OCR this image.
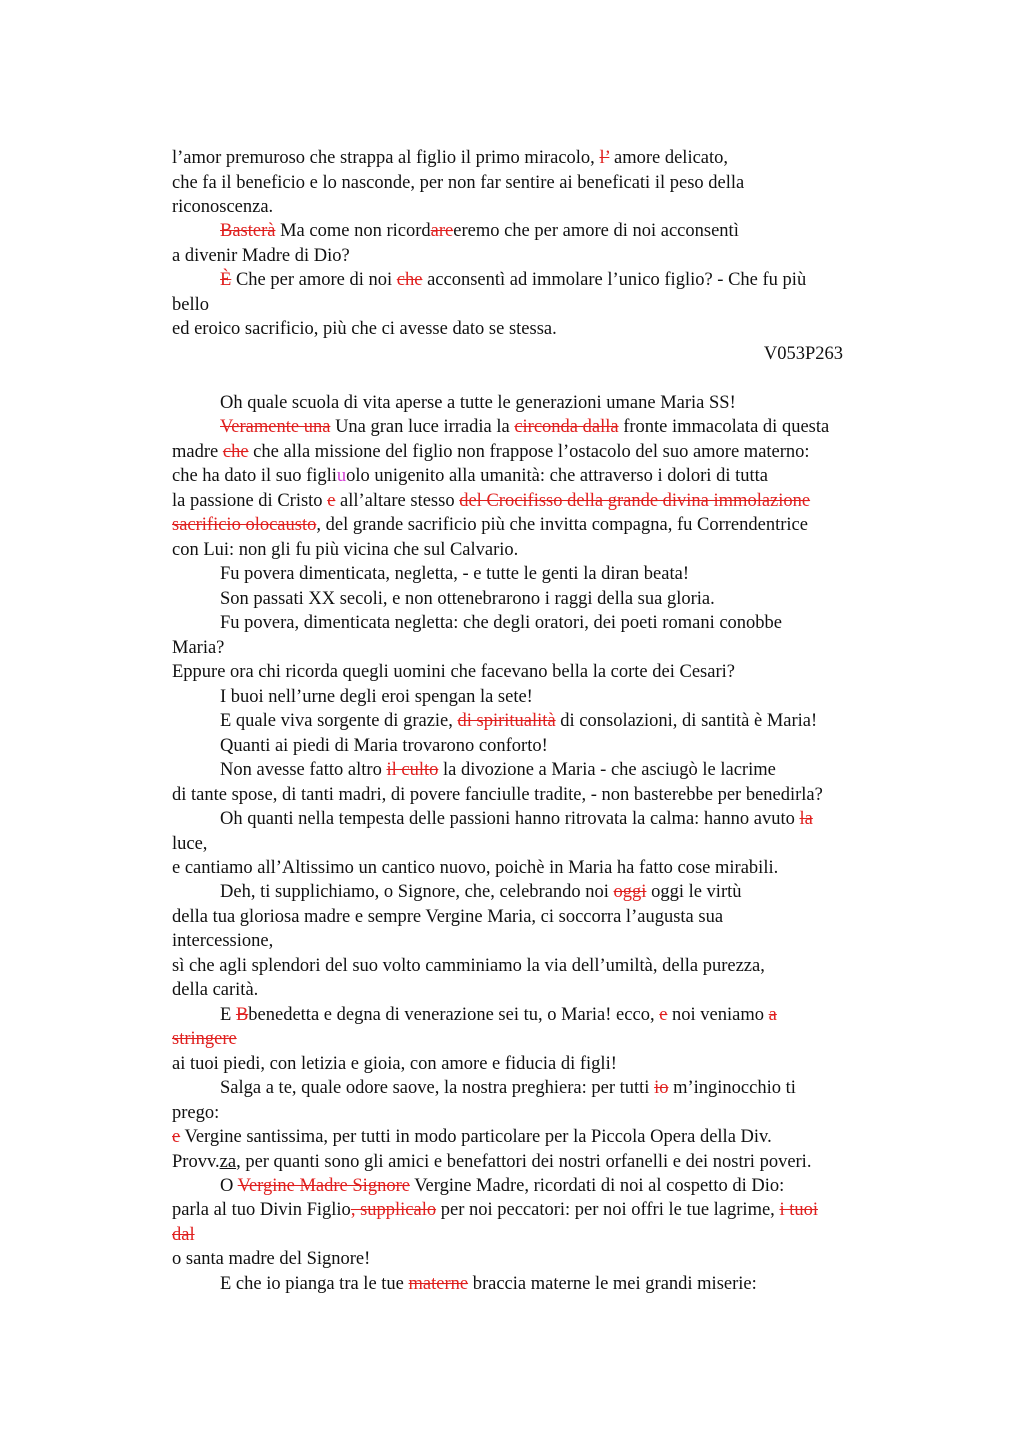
l’amor premuroso che strappa al figlio il primo miracolo, l’ amore delicato,
che fa il beneficio e lo nasconde, per non far sentire ai beneficati il peso della
riconoscenza.
Basterà Ma come non ricordareeremo che per amore di noi acconsentì
a divenir Madre di Dio?
È Che per amore di noi che acconsentì ad immolare l’unico figlio? - Che fu più
bello
ed eroico sacrificio, più che ci avesse dato se stessa.
V053P263
Oh quale scuola di vita aperse a tutte le generazioni umane Maria SS!
Veramente una Una gran luce irradia la circonda dalla fronte immacolata di questa
madre che che alla missione del figlio non frappose l’ostacolo del suo amore materno:
che ha dato il suo figliuolo unigenito alla umanità: che attraverso i dolori di tutta
la passione di Cristo e all’altare stesso del Crocifisso della grande divina immolazione
sacrificio olocausto, del grande sacrificio più che invitta compagna, fu Correndentrice
con Lui: non gli fu più vicina che sul Calvario.
Fu povera dimenticata, negletta, - e tutte le genti la diran beata!
Son passati XX secoli, e non ottenebrarono i raggi della sua gloria.
Fu povera, dimenticata negletta: che degli oratori, dei poeti romani conobbe
Maria?
Eppure ora chi ricorda quegli uomini che facevano bella la corte dei Cesari?
I buoi nell’urne degli eroi spengan la sete!
E quale viva sorgente di grazie, di spiritualità di consolazioni, di santità è Maria!
Quanti ai piedi di Maria trovarono conforto!
Non avesse fatto altro il culto la divozione a Maria - che asciugò le lacrime
di tante spose, di tanti madri, di povere fanciulle tradite, - non basterebbe per benedirla?
Oh quanti nella tempesta delle passioni hanno ritrovata la calma: hanno avuto la
luce,
e cantiamo all’Altissimo un cantico nuovo, poichè in Maria ha fatto cose mirabili.
Deh, ti supplichiamo, o Signore, che, celebrando noi oggi oggi le virtù
della tua gloriosa madre e sempre Vergine Maria, ci soccorra l’augusta sua
intercessione,
sì che agli splendori del suo volto camminiamo la via dell’umiltà, della purezza,
della carità.
E Bbenedetta e degna di venerazione sei tu, o Maria! ecco, e noi veniamo a
stringere
ai tuoi piedi, con letizia e gioia, con amore e fiducia di figli!
Salga a te, quale odore saove, la nostra preghiera: per tutti io m’inginocchio ti
prego:
e Vergine santissima, per tutti in modo particolare per la Piccola Opera della Div.
Provv.za, per quanti sono gli amici e benefattori dei nostri orfanelli e dei nostri poveri.
O Vergine Madre Signore Vergine Madre, ricordati di noi al cospetto di Dio:
parla al tuo Divin Figlio, supplicalo per noi peccatori: per noi offri le tue lagrime, i tuoi
dal
o santa madre del Signore!
E che io pianga tra le tue materne braccia materne le mei grandi miserie:
